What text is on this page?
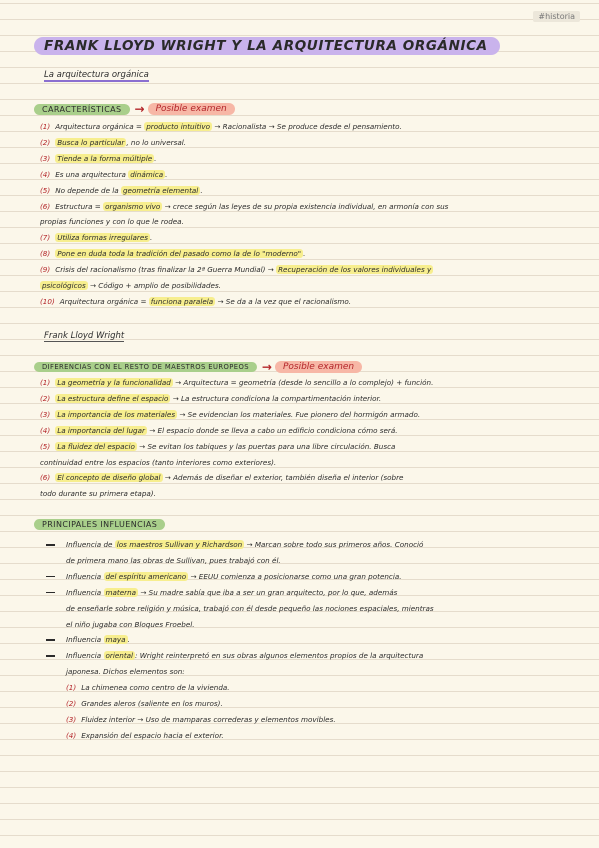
#historia
FRANK LLOYD WRIGHT Y LA ARQUITECTURA ORGÁNICA
La arquitectura orgánica
CARACTERÍSTICAS	→	Posible examen
(1) Arquitectura orgánica = producto intuitivo → Racionalista → Se produce desde el pensamiento.
(2) Busca lo particular , no lo universal.
(3) Tiende a la forma múltiple .
(4) Es una arquitectura dinámica .
(5) No depende de la geometría elemental .
(6) Estructura = organismo vivo → crece según las leyes de su propia existencia individual, en armonía con sus
propias funciones y con lo que le rodea.
(7) Utiliza formas irregulares .
(8) Pone en duda toda la tradición del pasado como la de lo "moderno" .
(9) Crisis del racionalismo (tras finalizar la 2ª Guerra Mundial) → Recuperación de los valores individuales y
psicológicos → Código + amplio de posibilidades.
(10) Arquitectura orgánica = funciona paralela → Se da a la vez que el racionalismo.
Frank Lloyd Wright
DIFERENCIAS CON EL RESTO DE MAESTROS EUROPEOS	→	Posible examen
(1) La geometría y la funcionalidad → Arquitectura = geometría (desde lo sencillo a lo complejo) + función.
(2) La estructura define el espacio → La estructura condiciona la compartimentación interior.
(3) La importancia de los materiales → Se evidencian los materiales. Fue pionero del hormigón armado.
(4) La importancia del lugar → El espacio donde se lleva a cabo un edificio condiciona cómo será.
(5) La fluidez del espacio → Se evitan los tabiques y las puertas para una libre circulación. Busca
continuidad entre los espacios (tanto interiores como exteriores).
(6) El concepto de diseño global → Además de diseñar el exterior, también diseña el interior (sobre
todo durante su primera etapa).
PRINCIPALES INFLUENCIAS
Influencia de los maestros Sullivan y Richardson → Marcan sobre todo sus primeros años. Conoció
de primera mano las obras de Sullivan, pues trabajó con él.
Influencia del espíritu americano → EEUU comienza a posicionarse como una gran potencia.
Influencia materna → Su madre sabía que iba a ser un gran arquitecto, por lo que, además
de enseñarle sobre religión y música, trabajó con él desde pequeño las nociones espaciales, mientras
el niño jugaba con Bloques Froebel.
Influencia maya .
Influencia oriental : Wright reinterpretó en sus obras algunos elementos propios de la arquitectura
japonesa. Dichos elementos son:
(1) La chimenea como centro de la vivienda.
(2) Grandes aleros (saliente en los muros).
(3) Fluidez interior → Uso de mamparas correderas y elementos movibles.
(4) Expansión del espacio hacia el exterior.
